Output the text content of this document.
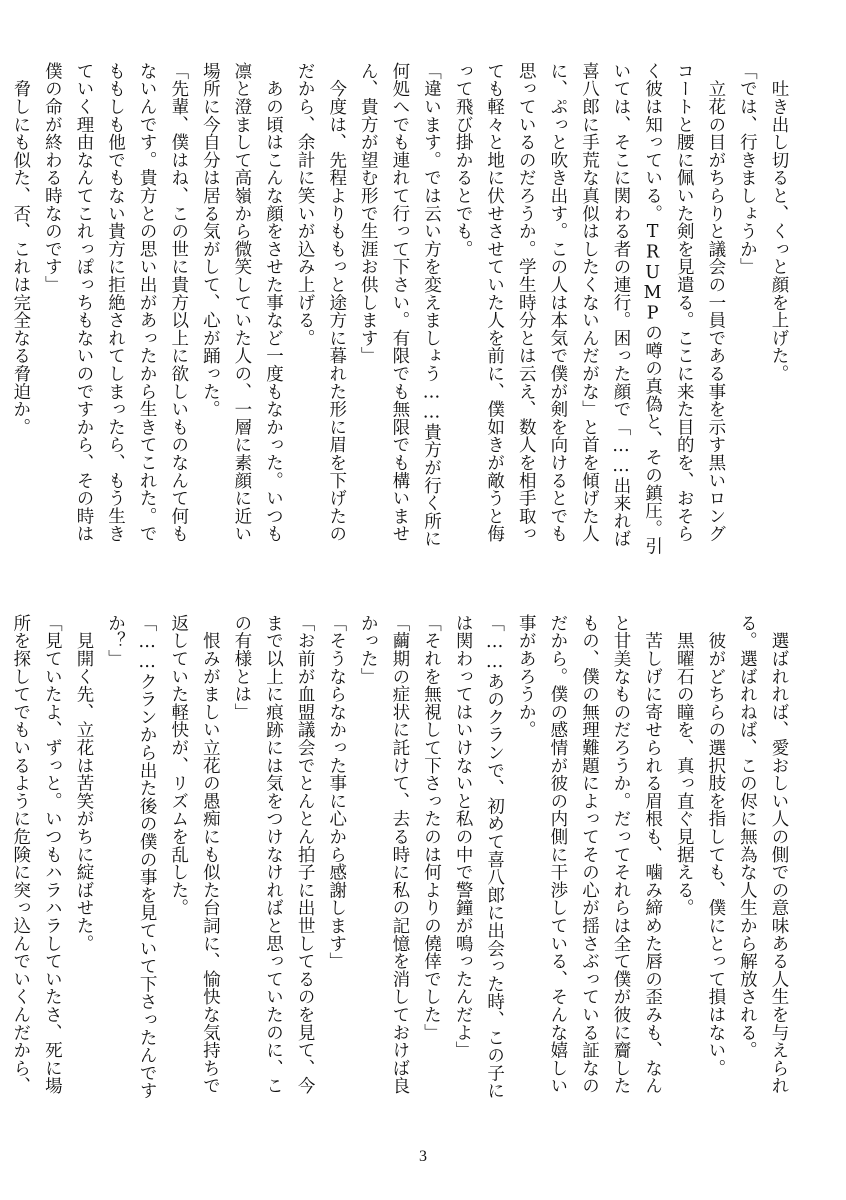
　吐き出し切ると、くっと顔を上げた。
「では、行きましょうか」
　立花の目がちらりと議会の一員である事を示す黒いロング
コートと腰に佩いた剣を見遣る。ここに来た目的を、おそら
く彼は知っている。TRUMPの噂の真偽と、その鎮圧。引
いては、そこに関わる者の連行。困った顔で「……出来れば
喜八郎に手荒な真似はしたくないんだがな」と首を傾げた人
に、ぷっと吹き出す。この人は本気で僕が剣を向けるとでも
思っているのだろうか。学生時分とは云え、数人を相手取っ
ても軽々と地に伏せさせていた人を前に、僕如きが敵うと侮
って飛び掛かるとでも。
「違います。では云い方を変えましょう……貴方が行く所に
何処へでも連れて行って下さい。有限でも無限でも構いませ
ん、貴方が望む形で生涯お供します」
　今度は、先程よりももっと途方に暮れた形に眉を下げたの
だから、余計に笑いが込み上げる。
　あの頃はこんな顔をさせた事など一度もなかった。いつも
凛と澄まして高嶺から微笑していた人の、一層に素顔に近い
場所に今自分は居る気がして、心が踊った。
「先輩、僕はね、この世に貴方以上に欲しいものなんて何も
ないんです。貴方との思い出があったから生きてこれた。で
ももしも他でもない貴方に拒絶されてしまったら、もう生き
ていく理由なんてこれっぽっちもないのですから、その時は
僕の命が終わる時なのです」
　脅しにも似た、否、これは完全なる脅迫か。
　選ばれれば、愛おしい人の側での意味ある人生を与えられ
る。選ばれねば、この侭に無為な人生から解放される。
　彼がどちらの選択肢を指しても、僕にとって損はない。
　黒曜石の瞳を、真っ直ぐ見据える。
　苦しげに寄せられる眉根も、噛み締めた唇の歪みも、なん
と甘美なものだろうか。だってそれらは全て僕が彼に齎した
もの、僕の無理難題によってその心が揺さぶっている証なの
だから。僕の感情が彼の内側に干渉している、そんな嬉しい
事があろうか。
「……あのクランで、初めて喜八郎に出会った時、この子に
は関わってはいけないと私の中で警鐘が鳴ったんだよ」
「それを無視して下さったのは何よりの僥倖でした」
「繭期の症状に託けて、去る時に私の記憶を消しておけば良
かった」
「そうならなかった事に心から感謝します」
「お前が血盟議会でとんとん拍子に出世してるのを見て、今
まで以上に痕跡には気をつけなければと思っていたのに、こ
の有様とは」
　恨みがましい立花の愚痴にも似た台詞に、愉快な気持ちで
返していた軽快が、リズムを乱した。
「……クランから出た後の僕の事を見ていて下さったんです
か？」
　見開く先、立花は苦笑がちに綻ばせた。
「見ていたよ、ずっと。いつもハラハラしていたさ、死に場
所を探してでもいるように危険に突っ込んでいくんだから、
3
